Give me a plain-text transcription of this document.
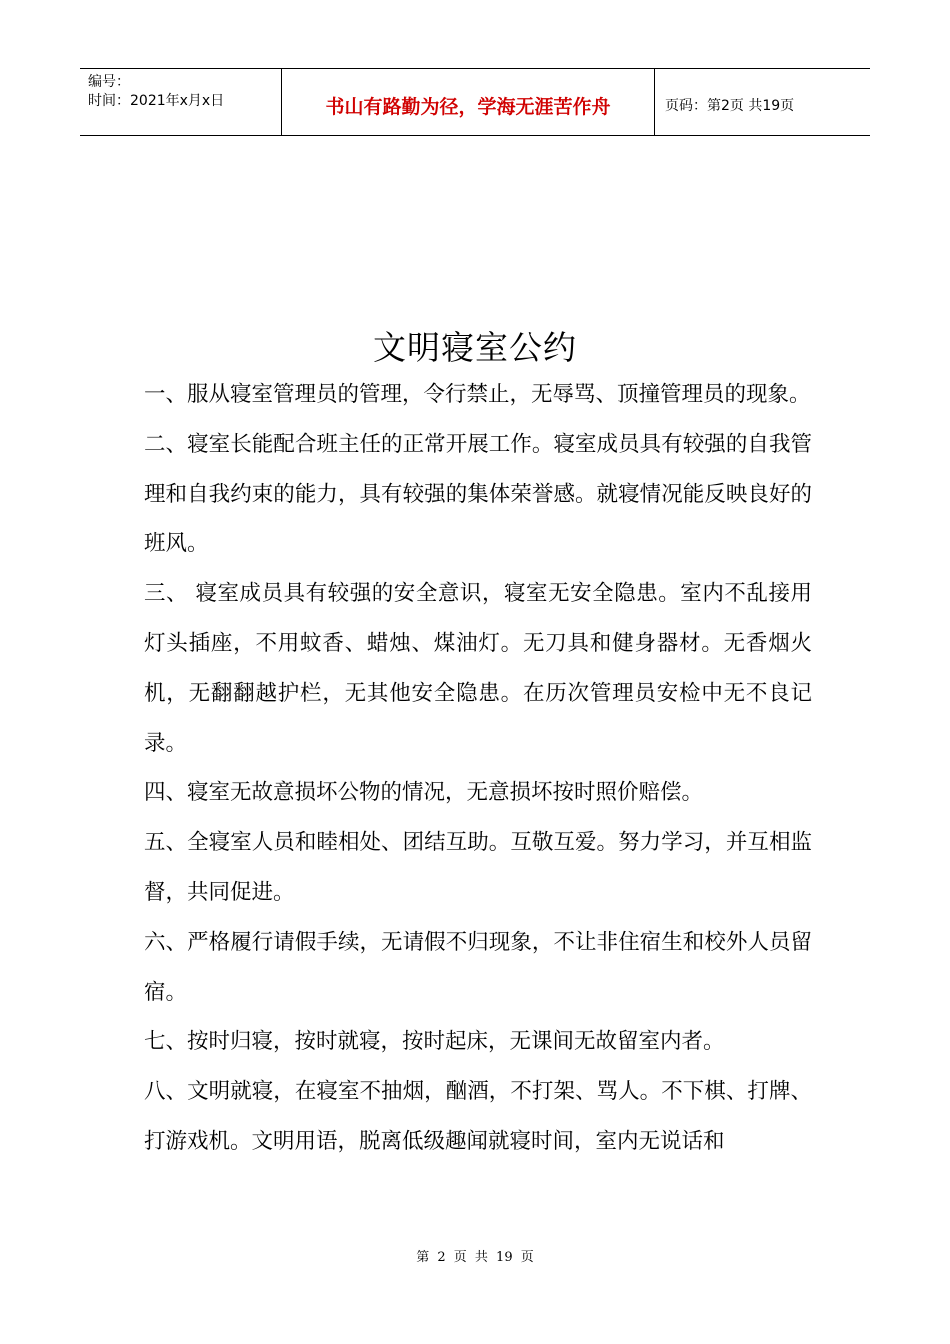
编号：
时间：2021年x月x日	书山有路勤为径，学海无涯苦作舟	页码：第2页 共19页
文明寝室公约

一、服从寝室管理员的管理，令行禁止，无辱骂、顶撞管理员的现象。

二、寝室长能配合班主任的正常开展工作。寝室成员具有较强的自我管理和自我约束的能力，具有较强的集体荣誉感。就寝情况能反映良好的班风。

三、 寝室成员具有较强的安全意识，寝室无安全隐患。室内不乱接用灯头插座，不用蚊香、蜡烛、煤油灯。无刀具和健身器材。无香烟火机，无翻翻越护栏，无其他安全隐患。在历次管理员安检中无不良记录。

四、寝室无故意损坏公物的情况，无意损坏按时照价赔偿。

五、全寝室人员和睦相处、团结互助。互敬互爱。努力学习，并互相监督，共同促进。

六、严格履行请假手续，无请假不归现象，不让非住宿生和校外人员留宿。

七、按时归寝，按时就寝，按时起床，无课间无故留室内者。

八、文明就寝，在寝室不抽烟，酗酒，不打架、骂人。不下棋、打牌、打游戏机。文明用语，脱离低级趣闻就寝时间，室内无说话和

第 2 页 共 19 页
